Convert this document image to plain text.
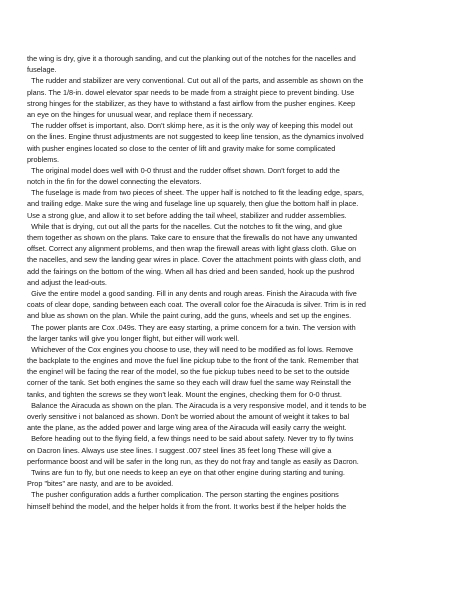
the wing is dry, give it a thorough sanding, and cut the planking out of the notches for the nacelles and
fuselage.

The rudder and stabilizer are very conventional. Cut out all of the parts, and assemble as shown on the
plans. The 1/8-in. dowel elevator spar needs to be made from a straight piece to prevent binding. Use
strong hinges for the stabilizer, as they have to withstand a fast airflow from the pusher engines. Keep
an eye on the hinges for unusual wear, and replace them if necessary.

The rudder offset is important, also. Don't skimp here, as it is the only way of keeping this model out
on the lines. Engine thrust adjustments are not suggested to keep line tension, as the dynamics involved
with pusher engines located so close to the center of lift and gravity make for some complicated
problems.

The original model does well with 0-0 thrust and the rudder offset shown. Don't forget to add the
notch in the fin for the dowel connecting the elevators.

The fuselage is made from two pieces of sheet. The upper half is notched to fit the leading edge, spars,
and trailing edge. Make sure the wing and fuselage line up squarely, then glue the bottom half in place.
Use a strong glue, and allow it to set before adding the tail wheel, stabilizer and rudder assemblies.

While that is drying, cut out all the parts for the nacelles. Cut the notches to fit the wing, and glue
them together as shown on the plans. Take care to ensure that the firewalls do not have any unwanted
offset. Correct any alignment problems, and then wrap the firewall areas with light glass cloth. Glue on
the nacelles, and sew the landing gear wires in place. Cover the attachment points with glass cloth, and
add the fairings on the bottom of the wing. When all has dried and been sanded, hook up the pushrod
and adjust the lead-outs.

Give the entire model a good sanding. Fill in any dents and rough areas. Finish the Airacuda with five
coats of clear dope, sanding between each coat. The overall color foe the Airacuda is silver. Trim is in red
and blue as shown on the plan. While the paint curing, add the guns, wheels and set up the engines.

The power plants are Cox .049s. They are easy starting, a prime concern for a twin. The version with
the larger tanks will give you longer flight, but either will work well.

Whichever of the Cox engines you choose to use, they will need to be modified as fol lows. Remove
the backplate to the engines and move the fuel line pickup tube to the front of the tank. Remember that
the engine! will be facing the rear of the model, so the fue pickup tubes need to be set to the outside
corner of the tank. Set both engines the same so they each will draw fuel the same way Reinstall the
tanks, and tighten the screws se they won't leak. Mount the engines, checking them for 0-0 thrust.

Balance the Airacuda as shown on the plan. The Airacuda is a very responsive model, and it tends to be
overly sensitive i not balanced as shown. Don't be worried about the amount of weight it takes to bal
ante the plane, as the added power and large wing area of the Airacuda will easily carry the weight.

Before heading out to the flying field, a few things need to be said about safety. Never try to fly twins
on Dacron lines. Always use stee lines. I suggest .007 steel lines 35 feet long These will give a
performance boost and will be safer in the long run, as they do not fray and tangle as easily as Dacron.

Twins are fun to fly, but one needs to keep an eye on that other engine during starting and tuning.
Prop "bites" are nasty, and are to be avoided.

The pusher configuration adds a further complication. The person starting the engines positions
himself behind the model, and the helper holds it from the front. It works best if the helper holds the
